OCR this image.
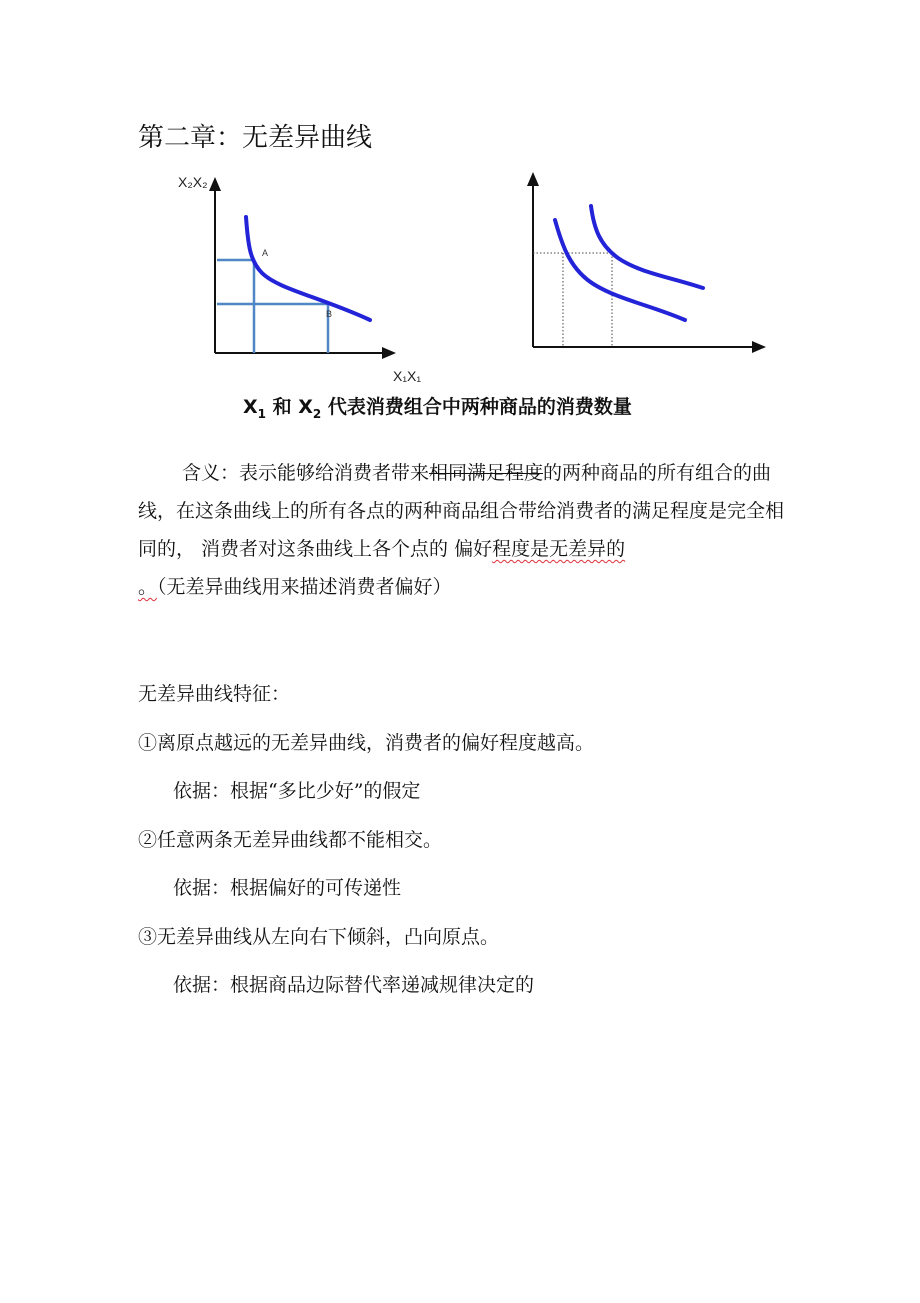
第二章：无差异曲线
X₂X₂
X₁X₁
A
B
$X_1$ 和 $X_2$ 代表消费组合中两种商品的消费数量
含义：表示能够给消费者带来相同满足程度的两种商品的所有组合的曲线，在这条曲线上的所有各点的两种商品组合带给消费者的满足程度是完全相同的， 消费者对这条曲线上各个点的 偏好程度是无差异的
。（无差异曲线用来描述消费者偏好）
无差异曲线特征：
①离原点越远的无差异曲线，消费者的偏好程度越高。
依据：根据“多比少好”的假定
②任意两条无差异曲线都不能相交。
依据：根据偏好的可传递性
③无差异曲线从左向右下倾斜，凸向原点。
依据：根据商品边际替代率递减规律决定的
